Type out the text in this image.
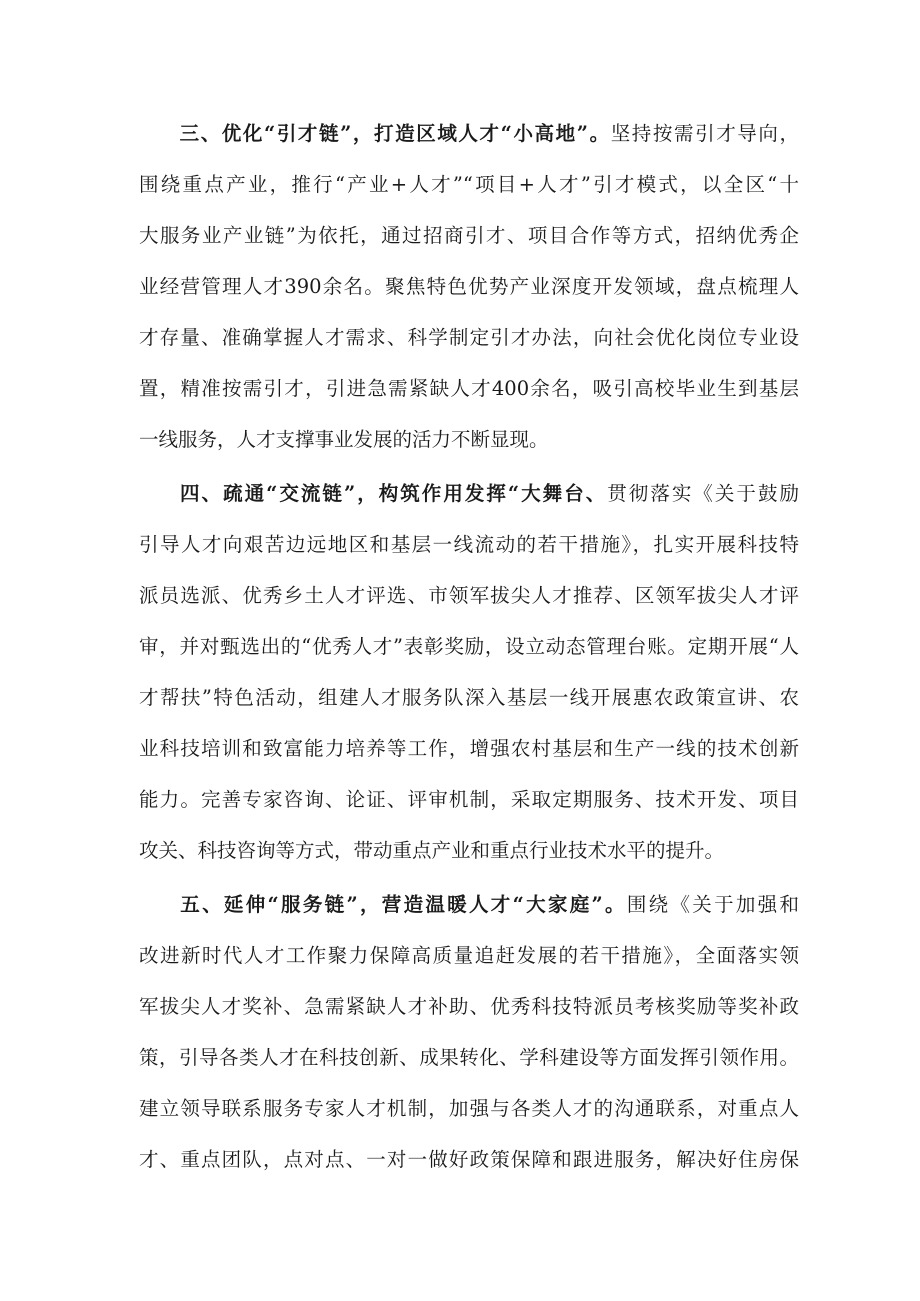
三、优化“引才链”，打造区域人才“小高地”。坚持按需引才导向，
围绕重点产业，推行“产业+人才”“项目+人才”引才模式，以全区“十
大服务业产业链”为依托，通过招商引才、项目合作等方式，招纳优秀企
业经营管理人才390余名。聚焦特色优势产业深度开发领域，盘点梳理人
才存量、准确掌握人才需求、科学制定引才办法，向社会优化岗位专业设
置，精准按需引才，引进急需紧缺人才400余名，吸引高校毕业生到基层
一线服务，人才支撑事业发展的活力不断显现。
四、疏通“交流链”，构筑作用发挥“大舞台、贯彻落实《关于鼓励
引导人才向艰苦边远地区和基层一线流动的若干措施》，扎实开展科技特
派员选派、优秀乡土人才评选、市领军拔尖人才推荐、区领军拔尖人才评
审，并对甄选出的“优秀人才”表彰奖励，设立动态管理台账。定期开展“人
才帮扶”特色活动，组建人才服务队深入基层一线开展惠农政策宣讲、农
业科技培训和致富能力培养等工作，增强农村基层和生产一线的技术创新
能力。完善专家咨询、论证、评审机制，采取定期服务、技术开发、项目
攻关、科技咨询等方式，带动重点产业和重点行业技术水平的提升。
五、延伸“服务链”，营造温暖人才“大家庭”。围绕《关于加强和
改进新时代人才工作聚力保障高质量追赶发展的若干措施》，全面落实领
军拔尖人才奖补、急需紧缺人才补助、优秀科技特派员考核奖励等奖补政
策，引导各类人才在科技创新、成果转化、学科建设等方面发挥引领作用。
建立领导联系服务专家人才机制，加强与各类人才的沟通联系，对重点人
才、重点团队，点对点、一对一做好政策保障和跟进服务，解决好住房保
